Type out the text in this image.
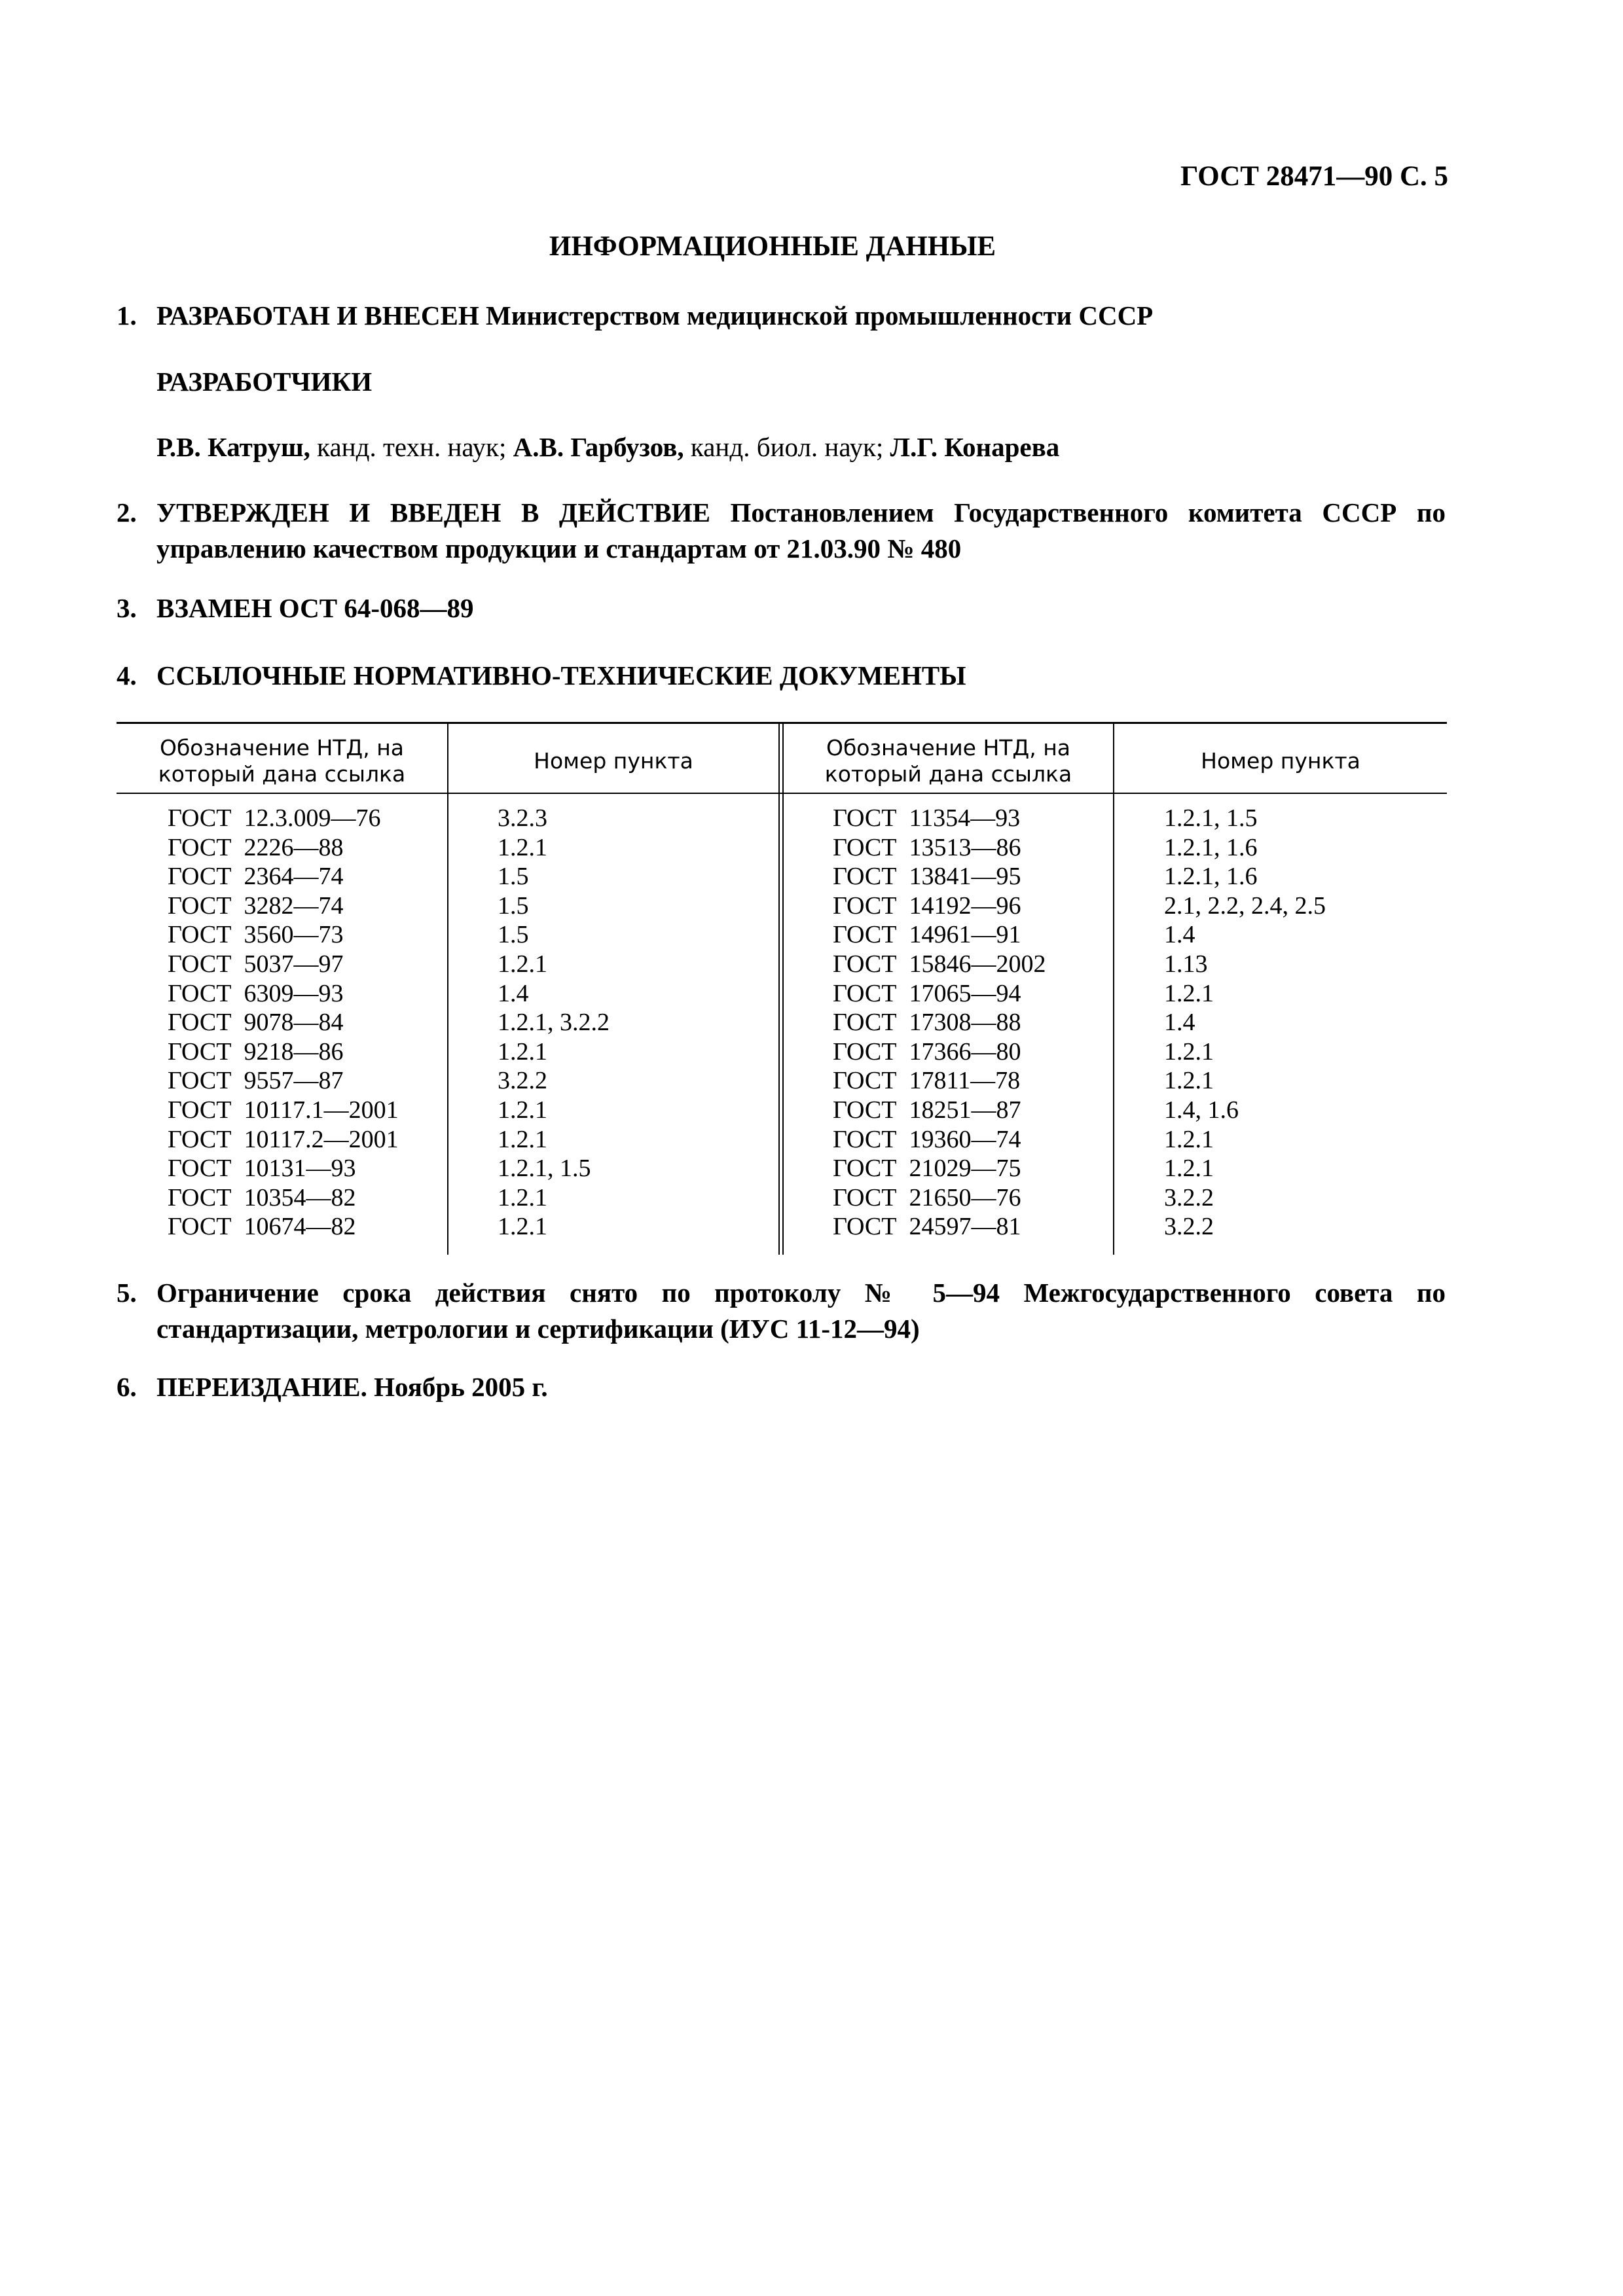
ГОСТ 28471—90 С. 5
ИНФОРМАЦИОННЫЕ ДАННЫЕ
1. РАЗРАБОТАН И ВНЕСЕН Министерством медицинской промышленности СССР
РАЗРАБОТЧИКИ
Р.В. Катруш, канд. техн. наук; А.В. Гарбузов, канд. биол. наук; Л.Г. Конарева
2. УТВЕРЖДЕН И ВВЕДЕН В ДЕЙСТВИЕ Постановлением Государственного комитета СССР по управлению качеством продукции и стандартам от 21.03.90 № 480
3. ВЗАМЕН ОСТ 64-068—89
4. ССЫЛОЧНЫЕ НОРМАТИВНО-ТЕХНИЧЕСКИЕ ДОКУМЕНТЫ
Обозначение НТД, на который дана ссылка
Номер пункта
Обозначение НТД, на который дана ссылка
Номер пункта
ГОСТ  12.3.009—76
ГОСТ  2226—88
ГОСТ  2364—74
ГОСТ  3282—74
ГОСТ  3560—73
ГОСТ  5037—97
ГОСТ  6309—93
ГОСТ  9078—84
ГОСТ  9218—86
ГОСТ  9557—87
ГОСТ  10117.1—2001
ГОСТ  10117.2—2001
ГОСТ  10131—93
ГОСТ  10354—82
ГОСТ  10674—82
3.2.3
1.2.1
1.5
1.5
1.5
1.2.1
1.4
1.2.1, 3.2.2
1.2.1
3.2.2
1.2.1
1.2.1
1.2.1, 1.5
1.2.1
1.2.1
ГОСТ  11354—93
ГОСТ  13513—86
ГОСТ  13841—95
ГОСТ  14192—96
ГОСТ  14961—91
ГОСТ  15846—2002
ГОСТ  17065—94
ГОСТ  17308—88
ГОСТ  17366—80
ГОСТ  17811—78
ГОСТ  18251—87
ГОСТ  19360—74
ГОСТ  21029—75
ГОСТ  21650—76
ГОСТ  24597—81
1.2.1, 1.5
1.2.1, 1.6
1.2.1, 1.6
2.1, 2.2, 2.4, 2.5
1.4
1.13
1.2.1
1.4
1.2.1
1.2.1
1.4, 1.6
1.2.1
1.2.1
3.2.2
3.2.2
5. Ограничение срока действия снято по протоколу № 5—94 Межгосударственного совета по стандартизации, метрологии и сертификации (ИУС 11-12—94)
6. ПЕРЕИЗДАНИЕ. Ноябрь 2005 г.
